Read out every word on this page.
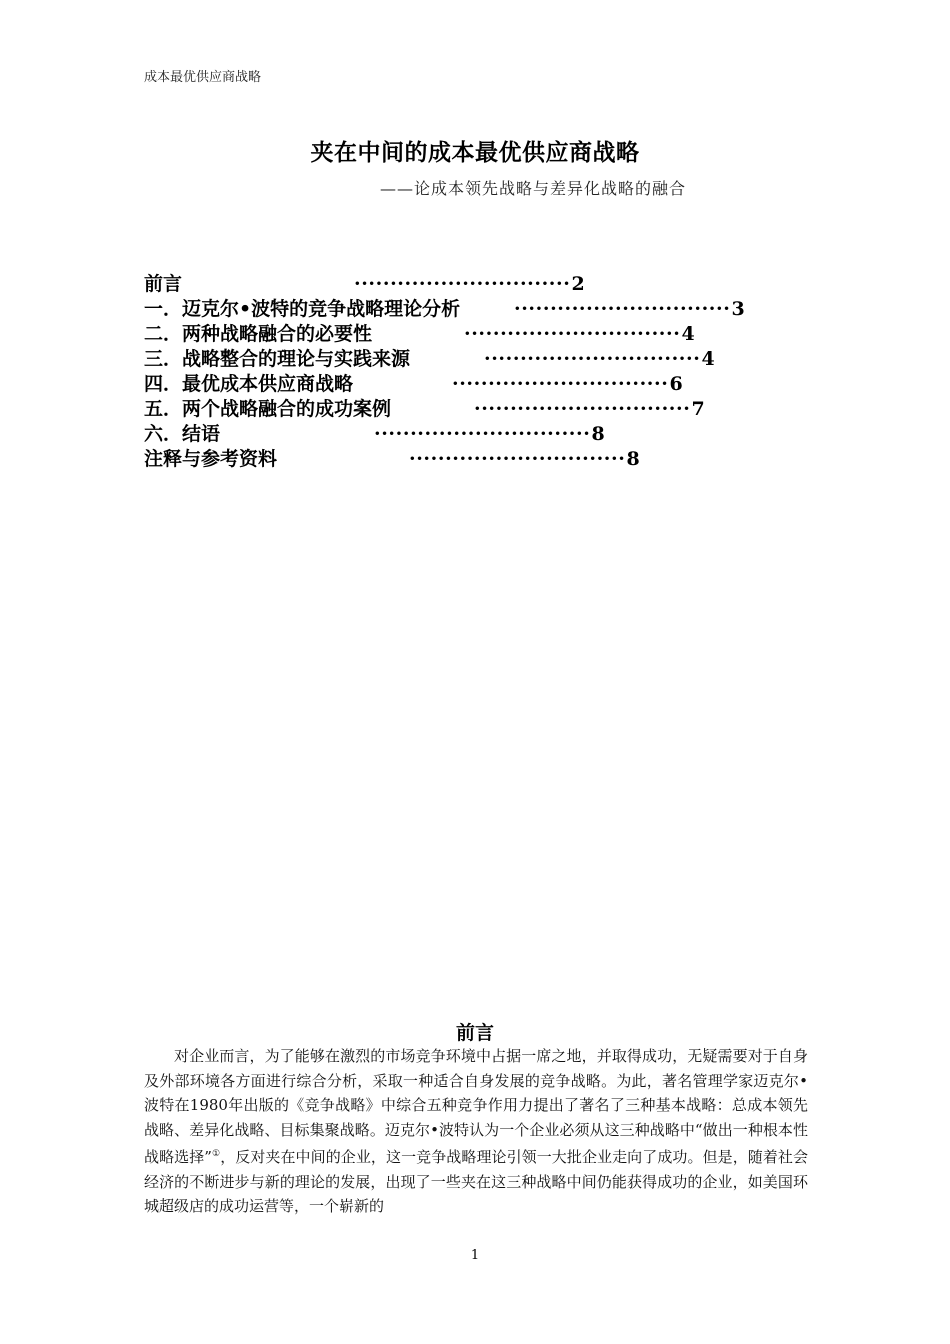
成本最优供应商战略
夹在中间的成本最优供应商战略
——论成本领先战略与差异化战略的融合
前言	······························2
一．迈克尔•波特的竞争战略理论分析	······························3
二．两种战略融合的必要性	······························4
三．战略整合的理论与实践来源	······························4
四．最优成本供应商战略	······························6
五．两个战略融合的成功案例	······························7
六．结语	······························8
注释与参考资料	······························8
前言

对企业而言，为了能够在激烈的市场竞争环境中占据一席之地，并取得成功，无疑需要对于自身及外部环境各方面进行综合分析，采取一种适合自身发展的竞争战略。为此，著名管理学家迈克尔•波特在1980年出版的《竞争战略》中综合五种竞争作用力提出了著名了三种基本战略：总成本领先战略、差异化战略、目标集聚战略。迈克尔•波特认为一个企业必须从这三种战略中“做出一种根本性战略选择”①，反对夹在中间的企业，这一竞争战略理论引领一大批企业走向了成功。但是，随着社会经济的不断进步与新的理论的发展，出现了一些夹在这三种战略中间仍能获得成功的企业，如美国环城超级店的成功运营等，一个崭新的

1
